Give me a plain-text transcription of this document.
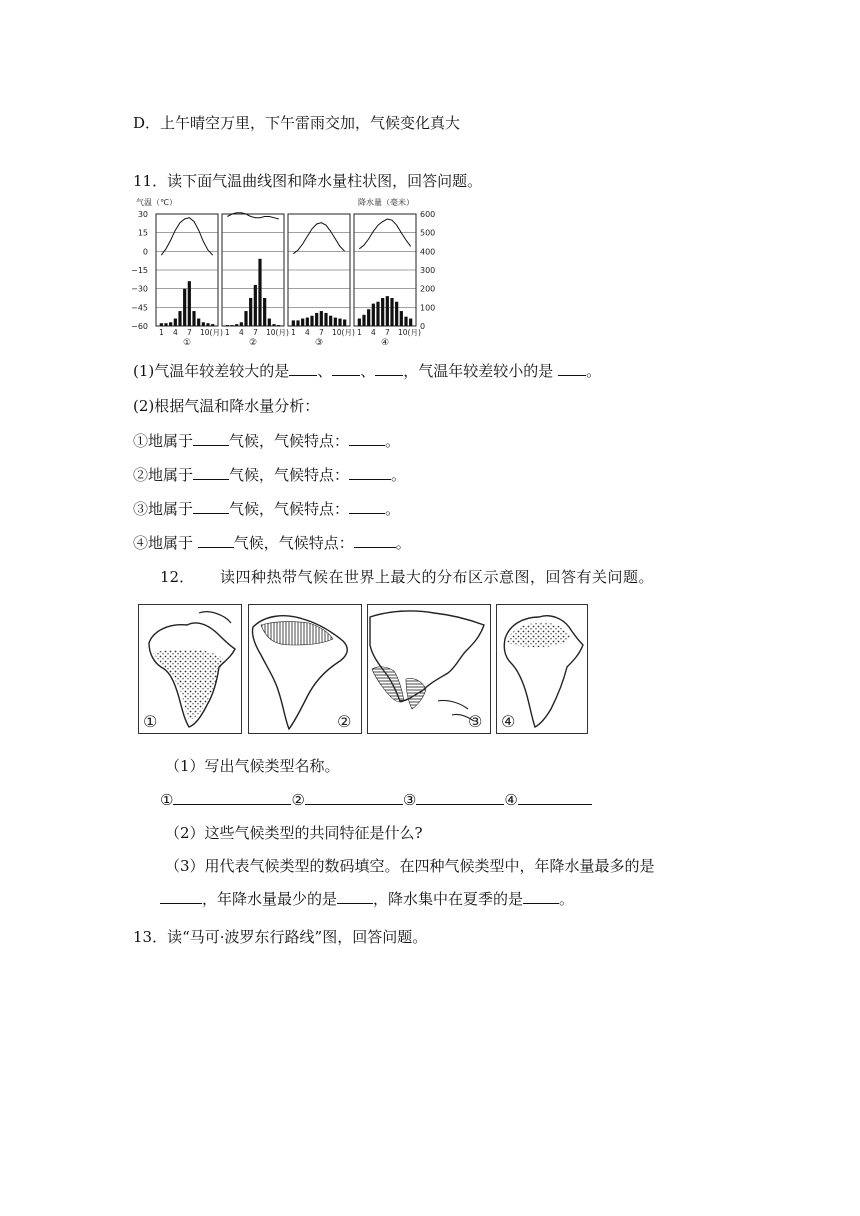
D．上午晴空万里，下午雷雨交加，气候变化真大
11．读下面气温曲线图和降水量柱状图，回答问题。
气温（℃）	降水量（毫米）
30
15
0
−15
−30
−45
−60
600
500
400
300
200
100
0
1 4 7 10(月)
①
1 4 7 10(月)
②
1 4 7 10(月)
③
1 4 7 10(月)
④
(1)气温年较差较大的是 、 、 ，气温年较差较小的是 。
(2)根据气温和降水量分析：
①地属于 气候，气候特点： 。
②地属于 气候，气候特点：	。
③地属于 气候，气候特点： 。
④地属于 气候，气候特点：	。
12． 读四种热带气候在世界上最大的分布区示意图，回答有关问题。
①	②	③ ④
（1）写出气候类型名称。
①	②	③	④
（2）这些气候类型的共同特征是什么?
（3）用代表气候类型的数码填空。在四种气候类型中，年降水量最多的是
，年降水量最少的是 ，降水集中在夏季的是 。
13．读“马可·波罗东行路线”图，回答问题。
